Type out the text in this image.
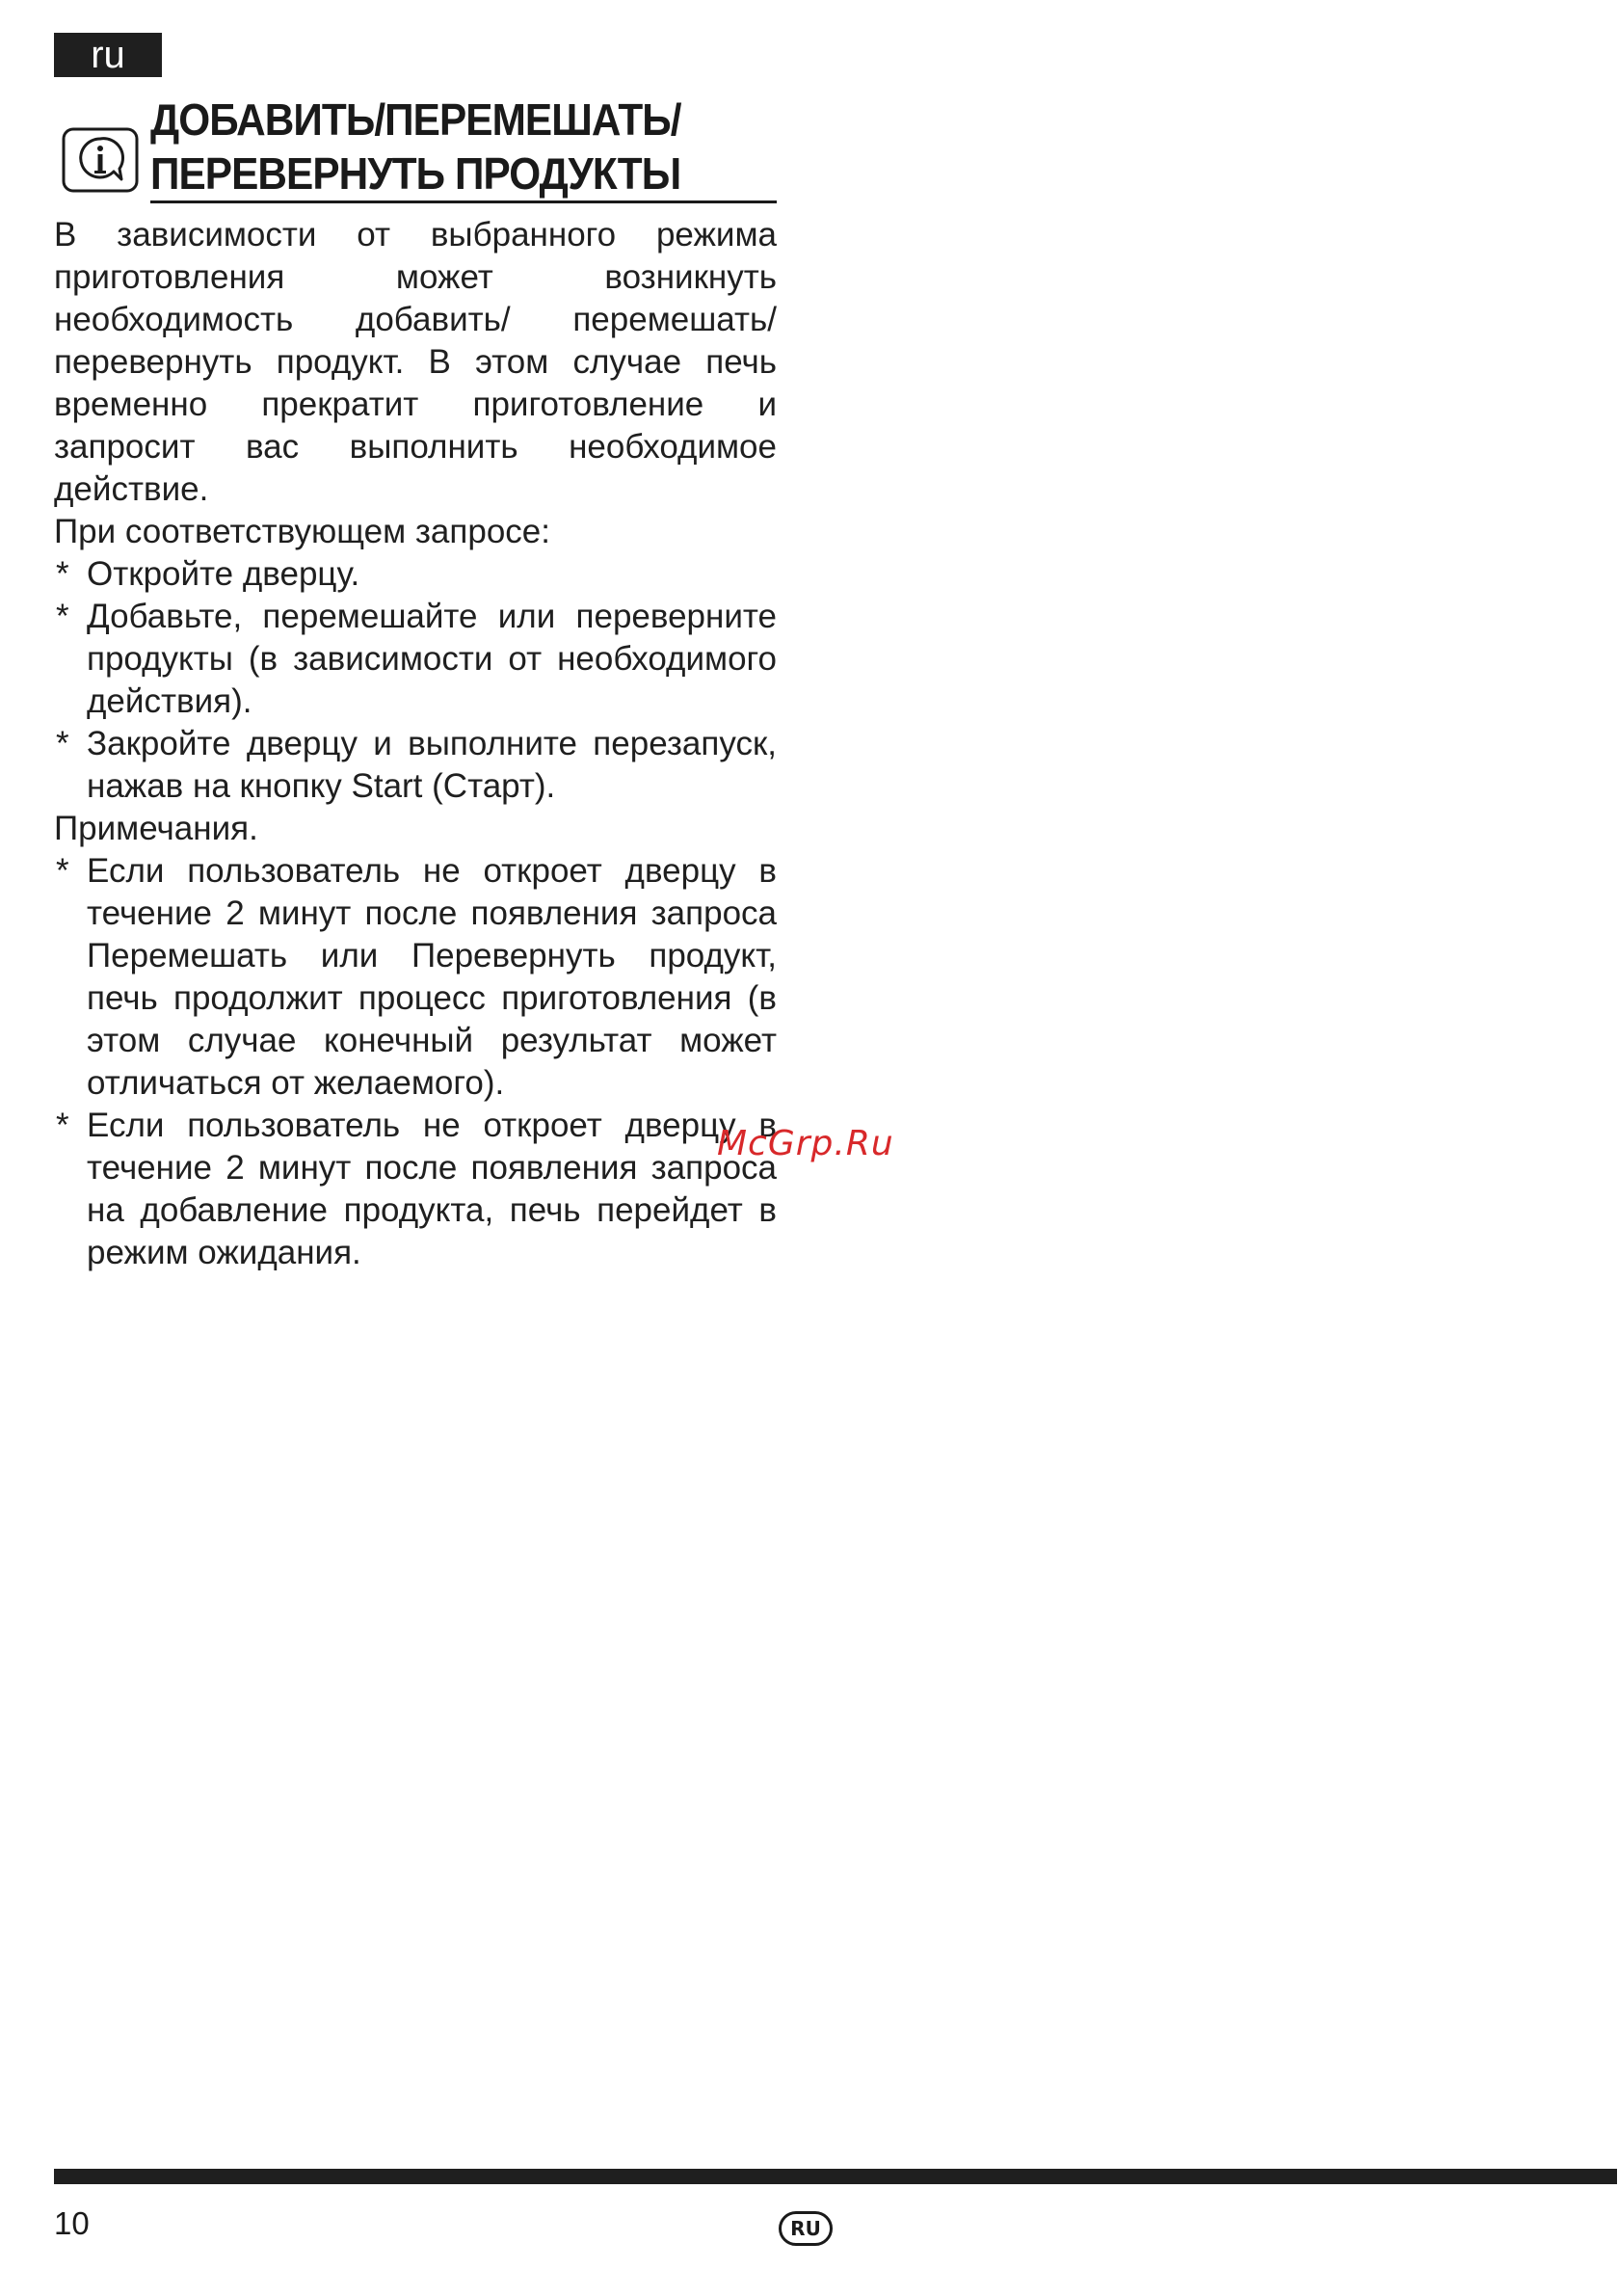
ru
ДОБАВИТЬ/ПЕРЕМЕШАТЬ/
ПЕРЕВЕРНУТЬ ПРОДУКТЫ

В зависимости от выбранного режима приготовления может возникнуть необходимость добавить/ перемешать/ перевернуть продукт. В этом случае печь временно прекратит приготовление и запросит вас выполнить необходимое действие.

При соответствующем запросе:

* Откройте дверцу.
* Добавьте, перемешайте или переверните продукты (в зависимости от необходимого действия).
* Закройте дверцу и выполните перезапуск, нажав на кнопку Start (Старт).

Примечания.

* Если пользователь не откроет дверцу в течение 2 минут после появления запроса Перемешать или Перевернуть продукт, печь продолжит процесс приготовления (в этом случае конечный результат может отличаться от желаемого).
* Если пользователь не откроет дверцу в течение 2 минут после появления запроса на добавление продукта, печь перейдет в режим ожидания.
McGrp.Ru
10	RU
